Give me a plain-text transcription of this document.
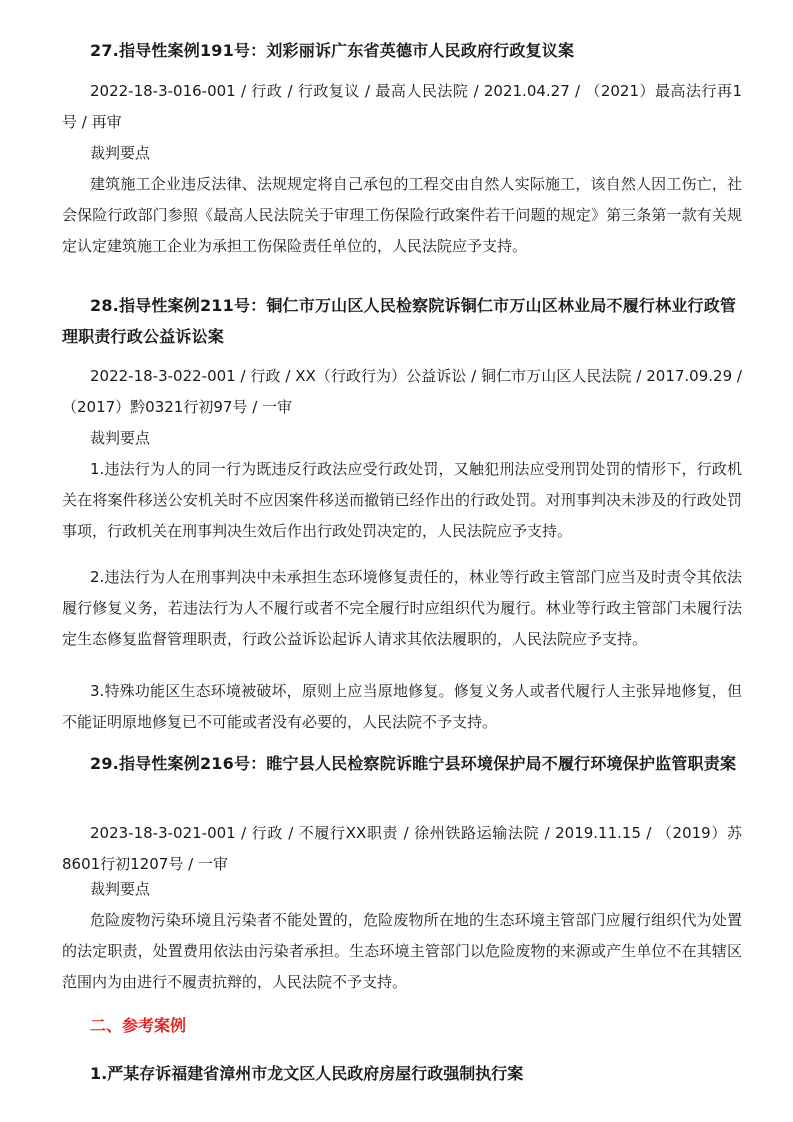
27.指导性案例191号：刘彩丽诉广东省英德市人民政府行政复议案
2022-18-3-016-001 / 行政 / 行政复议 / 最高人民法院 / 2021.04.27 / （2021）最高法行再1号 / 再审
裁判要点
建筑施工企业违反法律、法规规定将自己承包的工程交由自然人实际施工，该自然人因工伤亡，社会保险行政部门参照《最高人民法院关于审理工伤保险行政案件若干问题的规定》第三条第一款有关规定认定建筑施工企业为承担工伤保险责任单位的，人民法院应予支持。
28.指导性案例211号：铜仁市万山区人民检察院诉铜仁市万山区林业局不履行林业行政管理职责行政公益诉讼案
2022-18-3-022-001 / 行政 / XX（行政行为）公益诉讼 / 铜仁市万山区人民法院 / 2017.09.29 / （2017）黔0321行初97号 / 一审
裁判要点
1.违法行为人的同一行为既违反行政法应受行政处罚，又触犯刑法应受刑罚处罚的情形下，行政机关在将案件移送公安机关时不应因案件移送而撤销已经作出的行政处罚。对刑事判决未涉及的行政处罚事项，行政机关在刑事判决生效后作出行政处罚决定的，人民法院应予支持。
2.违法行为人在刑事判决中未承担生态环境修复责任的，林业等行政主管部门应当及时责令其依法履行修复义务，若违法行为人不履行或者不完全履行时应组织代为履行。林业等行政主管部门未履行法定生态修复监督管理职责，行政公益诉讼起诉人请求其依法履职的，人民法院应予支持。
3.特殊功能区生态环境被破坏，原则上应当原地修复。修复义务人或者代履行人主张异地修复，但不能证明原地修复已不可能或者没有必要的，人民法院不予支持。
29.指导性案例216号：睢宁县人民检察院诉睢宁县环境保护局不履行环境保护监管职责案
2023-18-3-021-001 / 行政 / 不履行XX职责 / 徐州铁路运输法院 / 2019.11.15 / （2019）苏8601行初1207号 / 一审
裁判要点
危险废物污染环境且污染者不能处置的，危险废物所在地的生态环境主管部门应履行组织代为处置的法定职责，处置费用依法由污染者承担。生态环境主管部门以危险废物的来源或产生单位不在其辖区范围内为由进行不履责抗辩的，人民法院不予支持。
二、参考案例
1.严某存诉福建省漳州市龙文区人民政府房屋行政强制执行案
